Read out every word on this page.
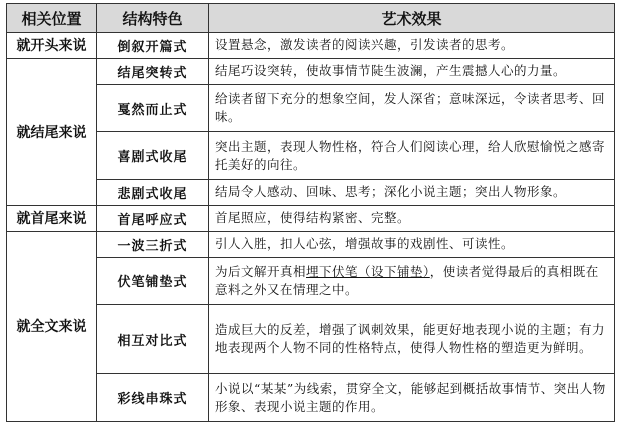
相关位置	结构特色	艺术效果
就开头来说	倒叙开篇式	设置悬念，激发读者的阅读兴趣，引发读者的思考。
就结尾来说	结尾突转式	结尾巧设突转，使故事情节陡生波澜，产生震撼人心的力量。
	戛然而止式	给读者留下充分的想象空间，发人深省；意味深远，令读者思考、回味。
	喜剧式收尾	突出主题，表现人物性格，符合人们阅读心理，给人欣慰愉悦之感寄托美好的向往。
	悲剧式收尾	结局令人感动、回味、思考；深化小说主题；突出人物形象。
就首尾来说	首尾呼应式	首尾照应，使得结构紧密、完整。
就全文来说	一波三折式	引人入胜，扣人心弦，增强故事的戏剧性、可读性。
	伏笔铺垫式	为后文解开真相埋下伏笔（设下铺垫），使读者觉得最后的真相既在意料之外又在情理之中。
	相互对比式	造成巨大的反差，增强了讽刺效果，能更好地表现小说的主题；有力地表现两个人物不同的性格特点，使得人物性格的塑造更为鲜明。
	彩线串珠式	小说以“某某”为线索，贯穿全文，能够起到概括故事情节、突出人物形象、表现小说主题的作用。
